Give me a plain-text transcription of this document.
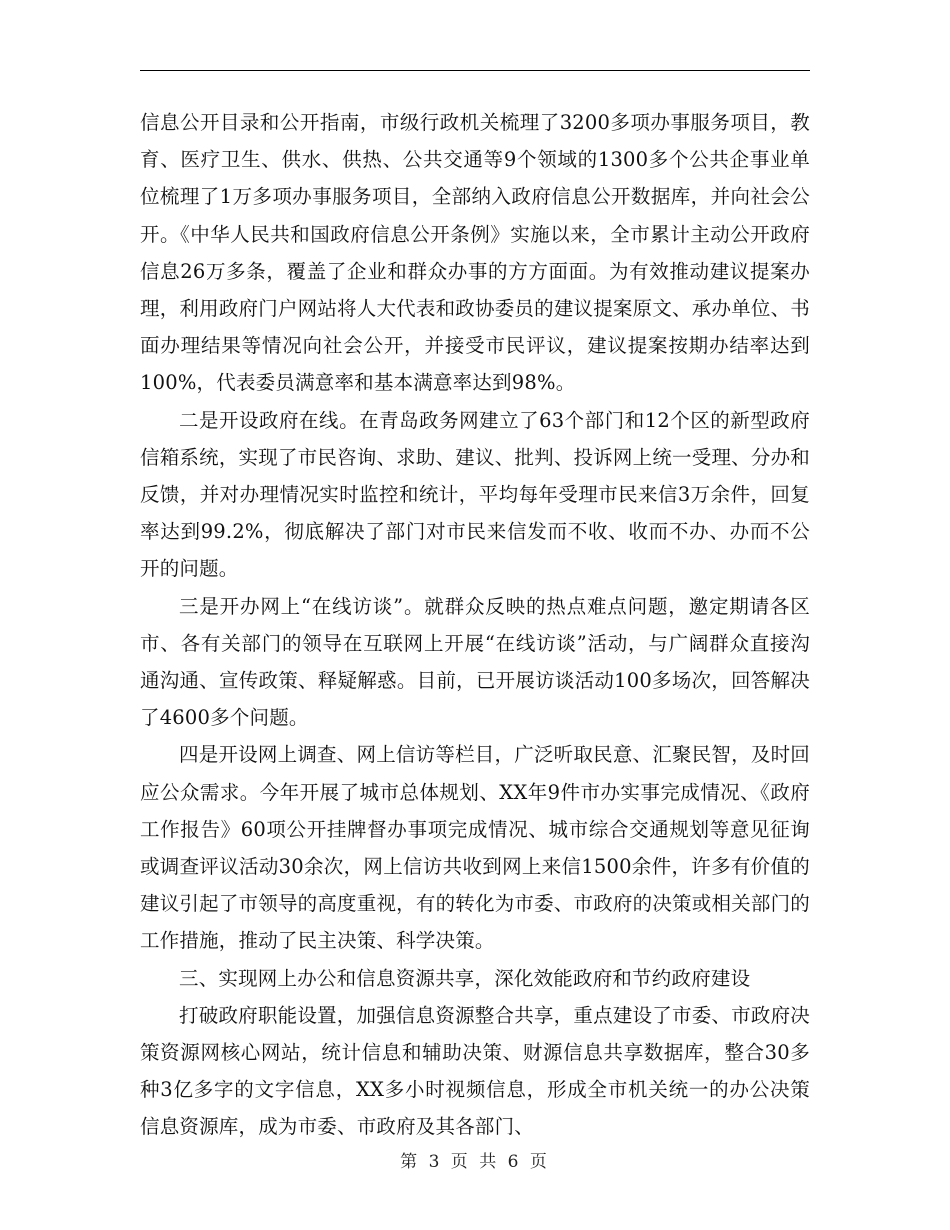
信息公开目录和公开指南，市级行政机关梳理了3200多项办事服务项目，教育、医疗卫生、供水、供热、公共交通等9个领域的1300多个公共企事业单位梳理了1万多项办事服务项目，全部纳入政府信息公开数据库，并向社会公开。《中华人民共和国政府信息公开条例》实施以来，全市累计主动公开政府信息26万多条，覆盖了企业和群众办事的方方面面。为有效推动建议提案办理，利用政府门户网站将人大代表和政协委员的建议提案原文、承办单位、书面办理结果等情况向社会公开，并接受市民评议，建议提案按期办结率达到100%，代表委员满意率和基本满意率达到98%。

二是开设政府在线。在青岛政务网建立了63个部门和12个区的新型政府信箱系统，实现了市民咨询、求助、建议、批判、投诉网上统一受理、分办和反馈，并对办理情况实时监控和统计，平均每年受理市民来信3万余件，回复率达到99.2%，彻底解决了部门对市民来信发而不收、收而不办、办而不公开的问题。

三是开办网上“在线访谈”。就群众反映的热点难点问题，邀定期请各区市、各有关部门的领导在互联网上开展“在线访谈”活动，与广阔群众直接沟通沟通、宣传政策、释疑解惑。目前，已开展访谈活动100多场次，回答解决了4600多个问题。

四是开设网上调查、网上信访等栏目，广泛听取民意、汇聚民智，及时回应公众需求。今年开展了城市总体规划、XX年9件市办实事完成情况、《政府工作报告》60项公开挂牌督办事项完成情况、城市综合交通规划等意见征询或调查评议活动30余次，网上信访共收到网上来信1500余件，许多有价值的建议引起了市领导的高度重视，有的转化为市委、市政府的决策或相关部门的工作措施，推动了民主决策、科学决策。

三、实现网上办公和信息资源共享，深化效能政府和节约政府建设

打破政府职能设置，加强信息资源整合共享，重点建设了市委、市政府决策资源网核心网站，统计信息和辅助决策、财源信息共享数据库，整合30多种3亿多字的文字信息，XX多小时视频信息，形成全市机关统一的办公决策信息资源库，成为市委、市政府及其各部门、

第 3 页 共 6 页
